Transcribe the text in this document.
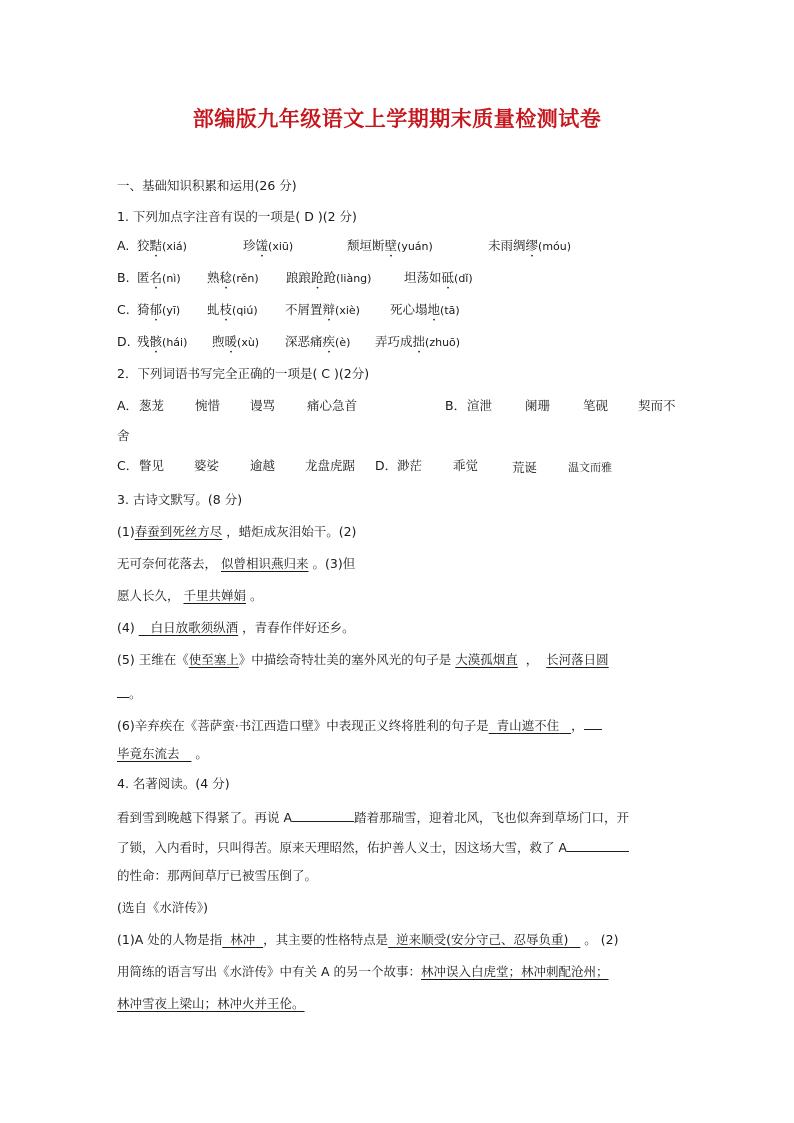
部编版九年级语文上学期期末质量检测试卷
一、基础知识积累和运用(26 分)
1. 下列加点字注音有误的一项是( D )(2 分)
A. 狡黠(xiá)	珍馐(xiū)	颓垣断壁(yuán)	未雨绸缪(móu)
B. 匿名(nì) 熟稔(rěn) 踉踉跄跄(liàng)	坦荡如砥(dǐ)
C. 猗郁(yī) 虬枝(qiú) 不屑置辩(xiè) 死心塌地(tā)
D. 残骸(hái) 煦暖(xù) 深恶痛疾(è) 弄巧成拙(zhuō)
2．下列词语书写完全正确的一项是( C )(2分)
A． 葱茏 惋惜 谩骂	痛心急首	B． 渲泄	阑珊	笔砚 契而不
舍
C． 瞥见 婆娑 逾越 龙盘虎踞 D． 渺茫 乖觉	荒诞	温文而雅
3. 古诗文默写。(8 分)
(1)春蚕到死丝方尽 ，蜡炬成灰泪始干。(2)
无可奈何花落去， 似曾相识燕归来 。(3)但
愿人长久， 千里共婵娟 。
(4) 白日放歌须纵酒 ，青春作伴好还乡。
(5) 王维在《使至塞上》中描绘奇特壮美的塞外风光的句子是 大漠孤烟直 ， 长河落日圆
。
(6)辛弃疾在《菩萨蛮·书江西造口壁》中表现正义终将胜利的句子是 青山遮不住 ，
毕竟东流去 。
4. 名著阅读。(4 分)
看到雪到晚越下得紧了。再说 A	踏着那瑞雪，迎着北风，飞也似奔到草场门口，开
了锁，入内看时，只叫得苦。原来天理昭然，佑护善人义士，因这场大雪，救了 A
的性命：那两间草厅已被雪压倒了。
(选自《水浒传》)
(1)A 处的人物是指 林冲 ，其主要的性格特点是 逆来顺受(安分守己、忍辱负重) 。 (2)
用简练的语言写出《水浒传》中有关 A 的另一个故事：林冲误入白虎堂；林冲刺配沧州；
林冲雪夜上梁山；林冲火并王伦。
